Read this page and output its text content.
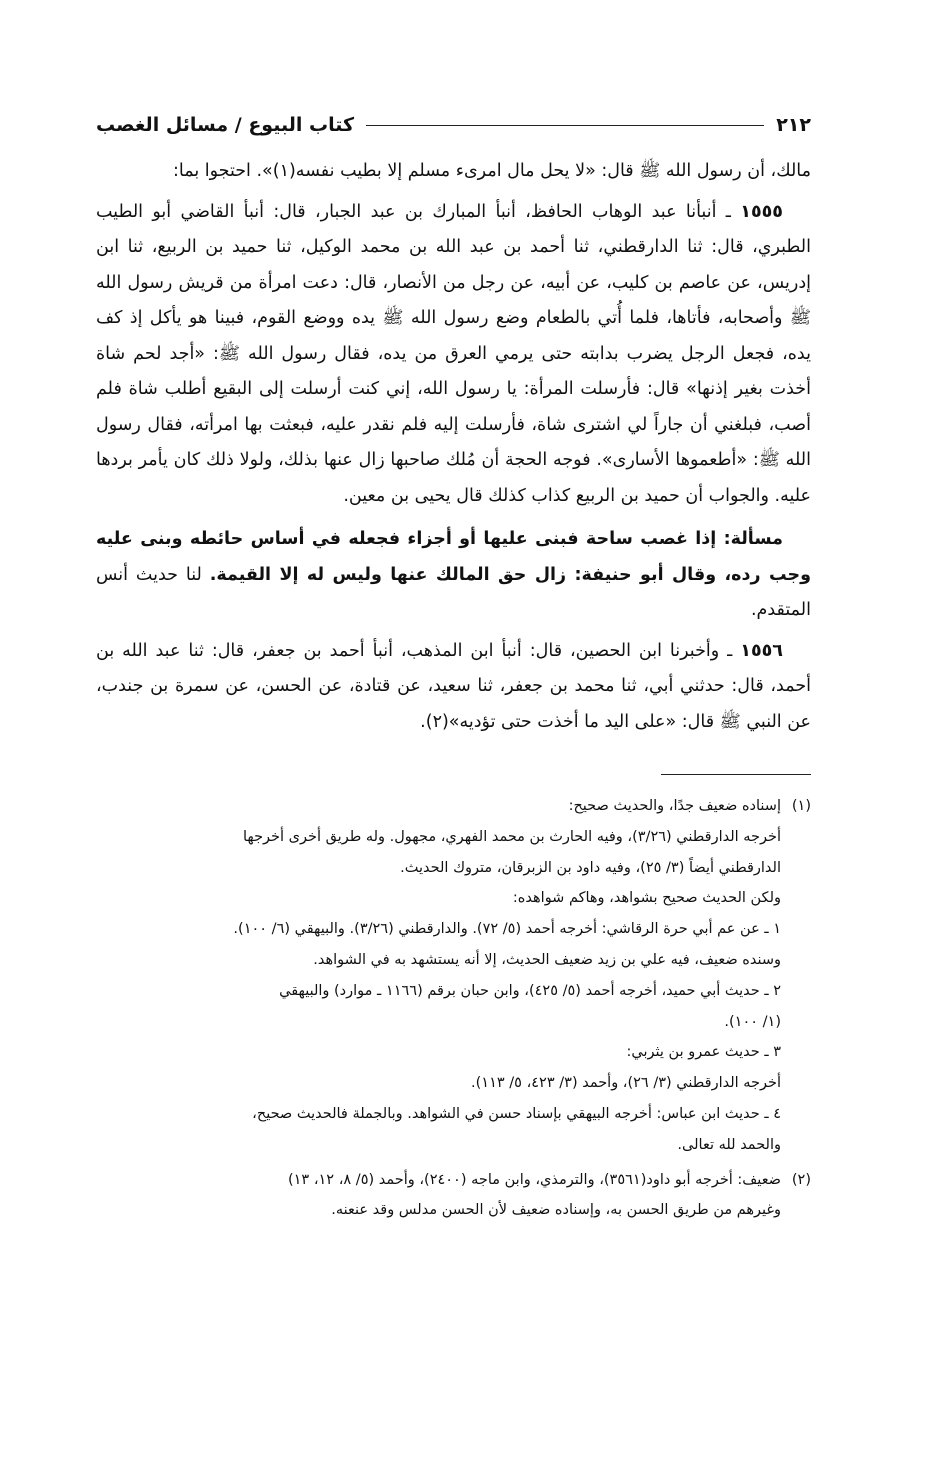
٢١٢
كتاب البيوع / مسائل الغصب

مالك، أن رسول الله ﷺ قال: «لا يحل مال امرىء مسلم إلا بطيب نفسه(١)». احتجوا بما:

١٥٥٥ ـ أنبأنا عبد الوهاب الحافظ، أنبأ المبارك بن عبد الجبار، قال: أنبأ القاضي أبو الطيب الطبري، قال: ثنا الدارقطني، ثنا أحمد بن عبد الله بن محمد الوكيل، ثنا حميد بن الربيع، ثنا ابن إدريس، عن عاصم بن كليب، عن أبيه، عن رجل من الأنصار، قال: دعت امرأة من قريش رسول الله ﷺ وأصحابه، فأتاها، فلما أُتي بالطعام وضع رسول الله ﷺ يده ووضع القوم، فبينا هو يأكل إذ كف يده، فجعل الرجل يضرب بدابته حتى يرمي العرق من يده، فقال رسول الله ﷺ: «أجد لحم شاة أخذت بغير إذنها» قال: فأرسلت المرأة: يا رسول الله، إني كنت أرسلت إلى البقيع أطلب شاة فلم أصب، فبلغني أن جاراً لي اشترى شاة، فأرسلت إليه فلم نقدر عليه، فبعثت بها امرأته، فقال رسول الله ﷺ: «أطعموها الأسارى». فوجه الحجة أن مُلك صاحبها زال عنها بذلك، ولولا ذلك كان يأمر بردها عليه. والجواب أن حميد بن الربيع كذاب كذلك قال يحيى بن معين.

مسألة: إذا غصب ساحة فبنى عليها أو أجزاء فجعله في أساس حائطه وبنى عليه وجب رده، وقال أبو حنيفة: زال حق المالك عنها وليس له إلا القيمة. لنا حديث أنس المتقدم.

١٥٥٦ ـ وأخبرنا ابن الحصين، قال: أنبأ ابن المذهب، أنبأ أحمد بن جعفر، قال: ثنا عبد الله بن أحمد، قال: حدثني أبي، ثنا محمد بن جعفر، ثنا سعيد، عن قتادة، عن الحسن، عن سمرة بن جندب، عن النبي ﷺ قال: «على اليد ما أخذت حتى تؤديه»(٢).

(١)
إسناده ضعيف جدًا، والحديث صحيح:
أخرجه الدارقطني (٣/٢٦)، وفيه الحارث بن محمد الفهري، مجهول. وله طريق أخرى أخرجها
الدارقطني أيضاً (٣/ ٢٥)، وفيه داود بن الزبرقان، متروك الحديث.
ولكن الحديث صحيح بشواهد، وهاكم شواهده:
١ ـ عن عم أبي حرة الرقاشي: أخرجه أحمد (٥/ ٧٢). والدارقطني (٣/٢٦). والبيهقي (٦/ ١٠٠).
وسنده ضعيف، فيه علي بن زيد ضعيف الحديث، إلا أنه يستشهد به في الشواهد.
٢ ـ حديث أبي حميد، أخرجه أحمد (٥/ ٤٢٥)، وابن حبان برقم (١١٦٦ ـ موارد) والبيهقي
(١/ ١٠٠).
٣ ـ حديث عمرو بن يثربي:
أخرجه الدارقطني (٣/ ٢٦)، وأحمد (٣/ ٤٢٣، ٥/ ١١٣).
٤ ـ حديث ابن عباس: أخرجه البيهقي بإسناد حسن في الشواهد. وبالجملة فالحديث صحيح،
والحمد لله تعالى.
(٢)
ضعيف: أخرجه أبو داود(٣٥٦١)، والترمذي، وابن ماجه (٢٤٠٠)، وأحمد (٥/ ٨، ١٢، ١٣)
وغيرهم من طريق الحسن به، وإسناده ضعيف لأن الحسن مدلس وقد عنعنه.
